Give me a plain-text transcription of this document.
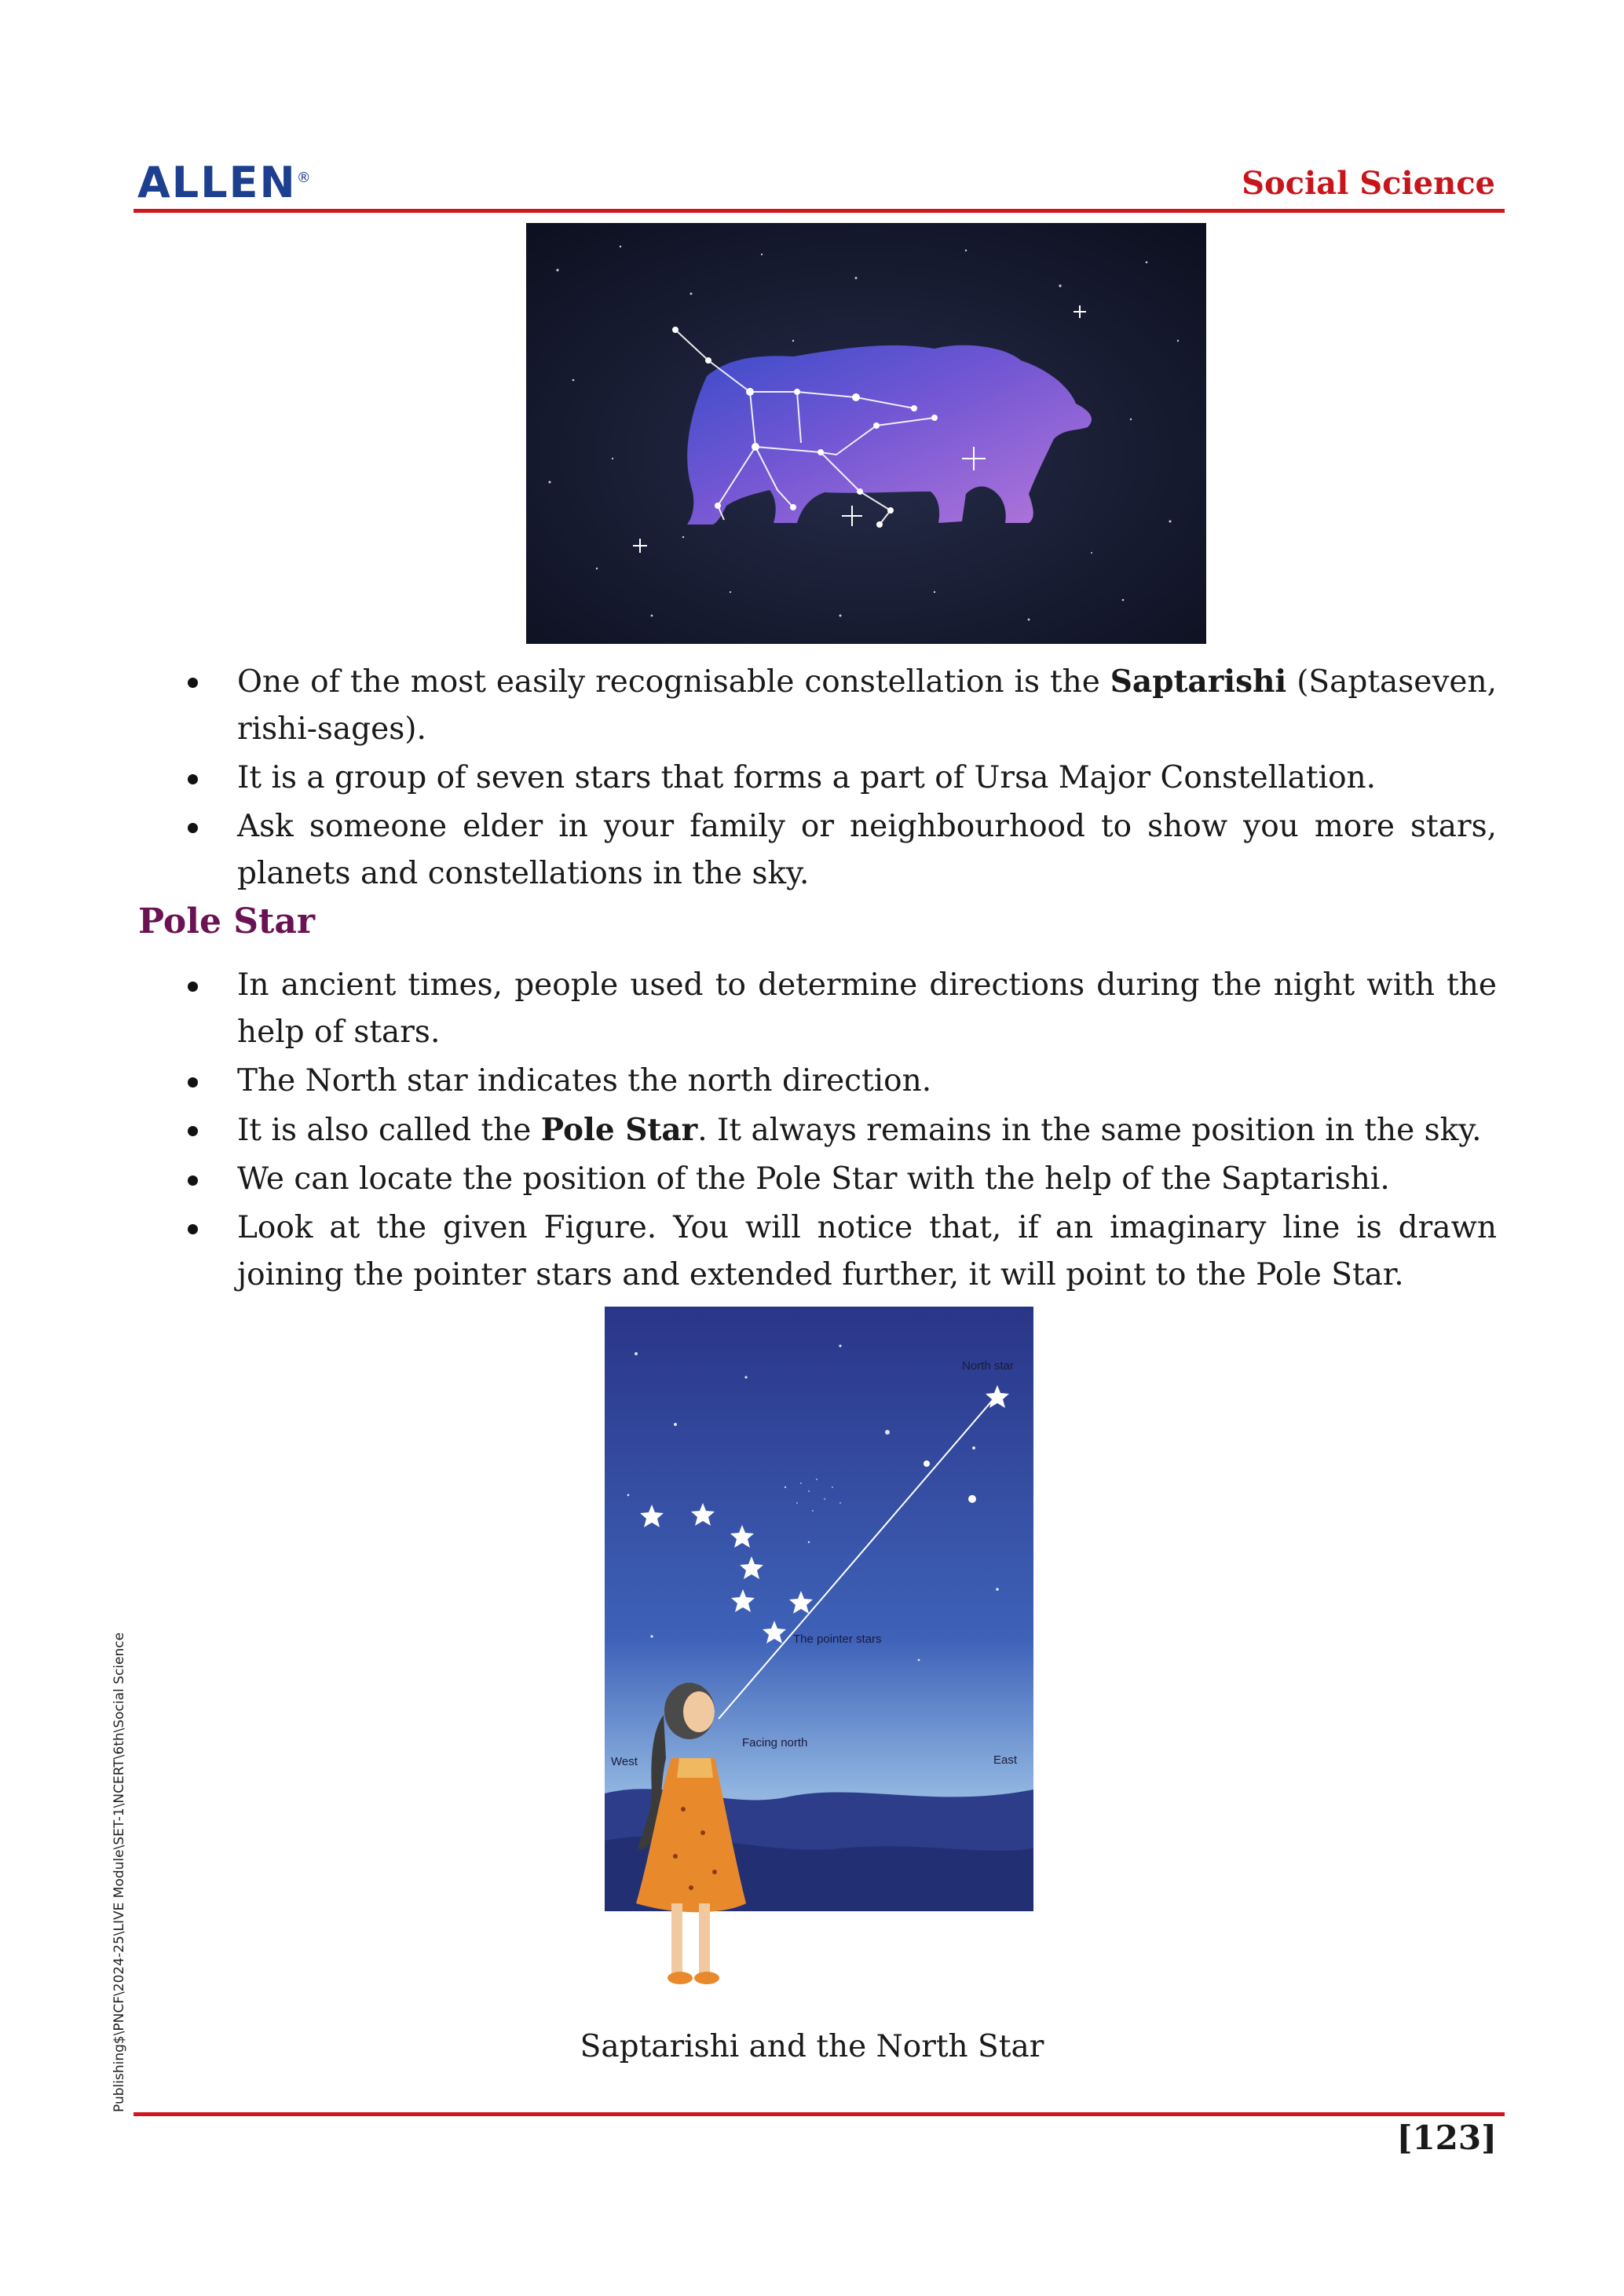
ALLEN®	Social Science
One of the most easily recognisable constellation is the Saptarishi (Saptaseven, rishi-sages).
It is a group of seven stars that forms a part of Ursa Major Constellation.
Ask someone elder in your family or neighbourhood to show you more stars, planets and constellations in the sky.
Pole Star
In ancient times, people used to determine directions during the night with the help of stars.
The North star indicates the north direction.
It is also called the Pole Star. It always remains in the same position in the sky.
We can locate the position of the Pole Star with the help of the Saptarishi.
Look at the given Figure. You will notice that, if an imaginary line is drawn joining the pointer stars and extended further, it will point to the Pole Star.
North star
The pointer stars
Facing north
West	East
Saptarishi and the North Star
[123]
Publishing$\PNCF\2024-25\LIVE Module\SET-1\NCERT\6th\Social Science
